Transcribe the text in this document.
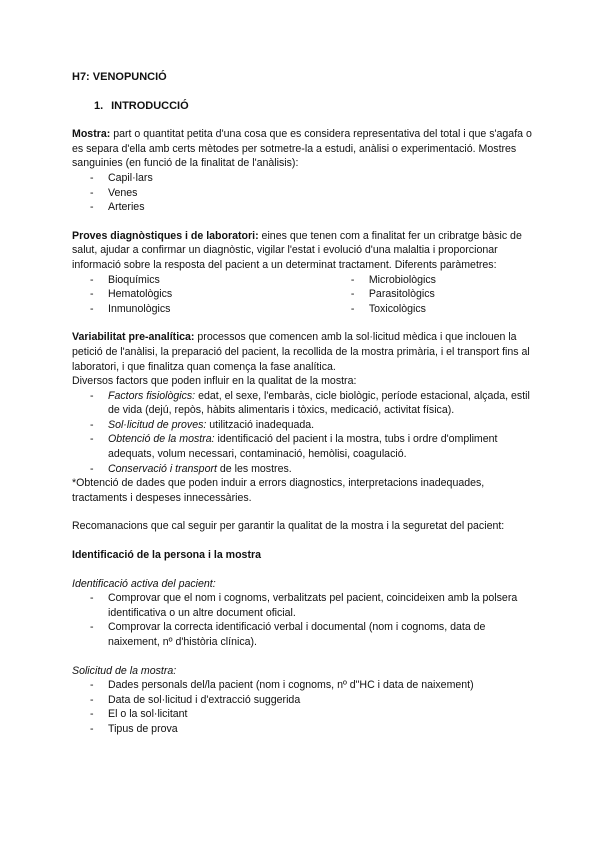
H7: VENOPUNCIÓ

1. INTRODUCCIÓ

Mostra: part o quantitat petita d'una cosa que es considera representativa del total i que s'agafa o es separa d'ella amb certs mètodes per sotmetre-la a estudi, anàlisi o experimentació. Mostres sanguinies (en funció de la finalitat de l'anàlisis):

- Capil·lars
- Venes
- Arteries

Proves diagnòstiques i de laboratori: eines que tenen com a finalitat fer un cribratge bàsic de salut, ajudar a confirmar un diagnòstic, vigilar l'estat i evolució d'una malaltia i proporcionar informació sobre la resposta del pacient a un determinat tractament. Diferents paràmetres:

- Bioquímics
- Hematològics
- Inmunològics
- Microbiològics
- Parasitològics
- Toxicològics

Variabilitat pre-analítica: processos que comencen amb la sol·licitud mèdica i que inclouen la petició de l'anàlisi, la preparació del pacient, la recollida de la mostra primària, i el transport fins al laboratori, i que finalitza quan comença la fase analítica.

Diversos factors que poden influir en la qualitat de la mostra:

- Factors fisiològics: edat, el sexe, l'embaràs, cicle biològic, període estacional, alçada, estil de vida (dejú, repòs, hàbits alimentaris i tòxics, medicació, activitat física).
- Sol·licitud de proves: utilització inadequada.
- Obtenció de la mostra: identificació del pacient i la mostra, tubs i ordre d'ompliment adequats, volum necessari, contaminació, hemòlisi, coagulació.
- Conservació i transport de les mostres.

*Obtenció de dades que poden induir a errors diagnostics, interpretacions inadequades, tractaments i despeses innecessàries.

Recomanacions que cal seguir per garantir la qualitat de la mostra i la seguretat del pacient:

Identificació de la persona i la mostra

Identificació activa del pacient:

- Comprovar que el nom i cognoms, verbalitzats pel pacient, coincideixen amb la polsera identificativa o un altre document oficial.
- Comprovar la correcta identificació verbal i documental (nom i cognoms, data de naixement, nº d'història clínica).

Solicitud de la mostra:

- Dades personals del/la pacient (nom i cognoms, nº d"HC i data de naixement)
- Data de sol·licitud i d'extracció suggerida
- El o la sol·licitant
- Tipus de prova
